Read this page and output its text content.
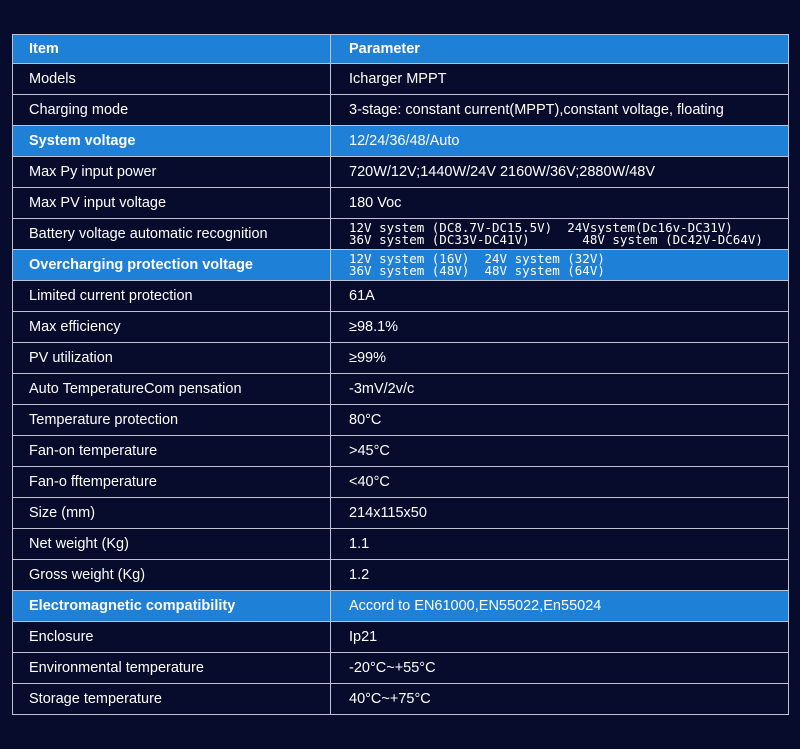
Item	Parameter
Models	Icharger MPPT
Charging mode	3-stage: constant current(MPPT),constant voltage, floating
System voltage	12/24/36/48/Auto
Max Py input power	720W/12V;1440W/24V 2160W/36V;2880W/48V
Max PV input voltage	180 Voc
Battery voltage automatic recognition	12V system (DC8.7V-DC15.5V)  24Vsystem(Dc16v-DC31V)
36V system (DC33V-DC41V)       48V system (DC42V-DC64V)

Overcharging protection voltage	12V system (16V)  24V system (32V)
36V system (48V)  48V system (64V)

Limited current protection	61A
Max efficiency	≥98.1%
PV utilization	≥99%
Auto TemperatureCom pensation	-3mV/2v/c
Temperature protection	80°C
Fan-on temperature	>45°C
Fan-o fftemperature	<40°C
Size (mm)	214x115x50
Net weight (Kg)	1.1
Gross weight (Kg)	1.2
Electromagnetic compatibility	Accord to EN61000,EN55022,En55024
Enclosure	Ip21
Environmental temperature	-20°C~+55°C
Storage temperature	40°C~+75°C
